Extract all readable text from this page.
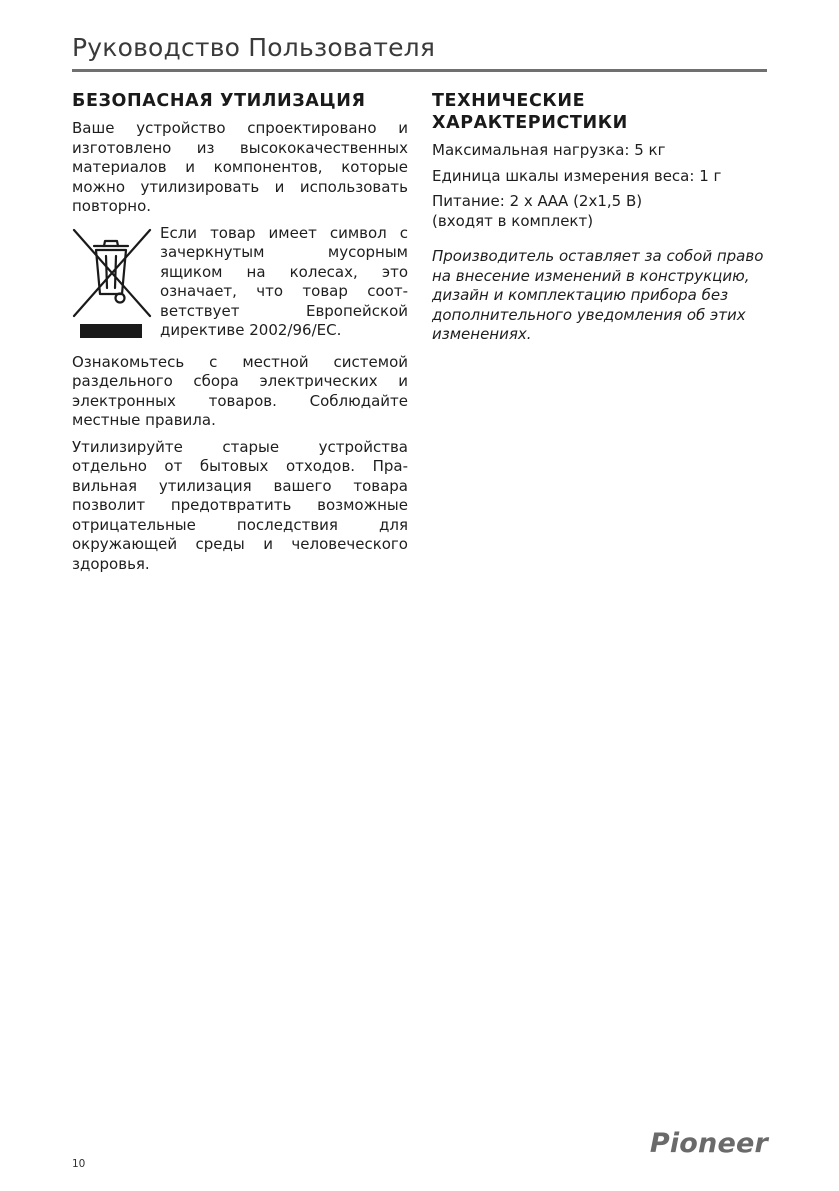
Руководство Пользователя
БЕЗОПАСНАЯ УТИЛИЗАЦИЯ

Ваше устройство спроектировано и изготовлено из высококачественных материалов и компонентов, которые можно утилизировать и использовать повторно.

Если товар имеет символ с зачеркнутым мусорным ящиком на колесах, это означает, что товар соответствует Европейской директиве 2002/96/EC.

Ознакомьтесь с местной системой раздельного сбора электрических и электронных товаров. Соблюдайте местные правила.

Утилизируйте старые устройства отдельно от бытовых отходов. Правильная утилизация вашего товара позволит предотвратить возможные отрицательные последствия для окружающей среды и человеческого здоровья.

ТЕХНИЧЕСКИЕ ХАРАКТЕРИСТИКИ

Максимальная нагрузка: 5 кг

Единица шкалы измерения веса: 1 г

Питание: 2 х ААА (2х1,5 В)
(входят в комплект)

Производитель оставляет за собой право на внесение изменений в конструкцию, дизайн и комплектацию прибора без дополнительного уведомления об этих изменениях.

10
Pioneer
